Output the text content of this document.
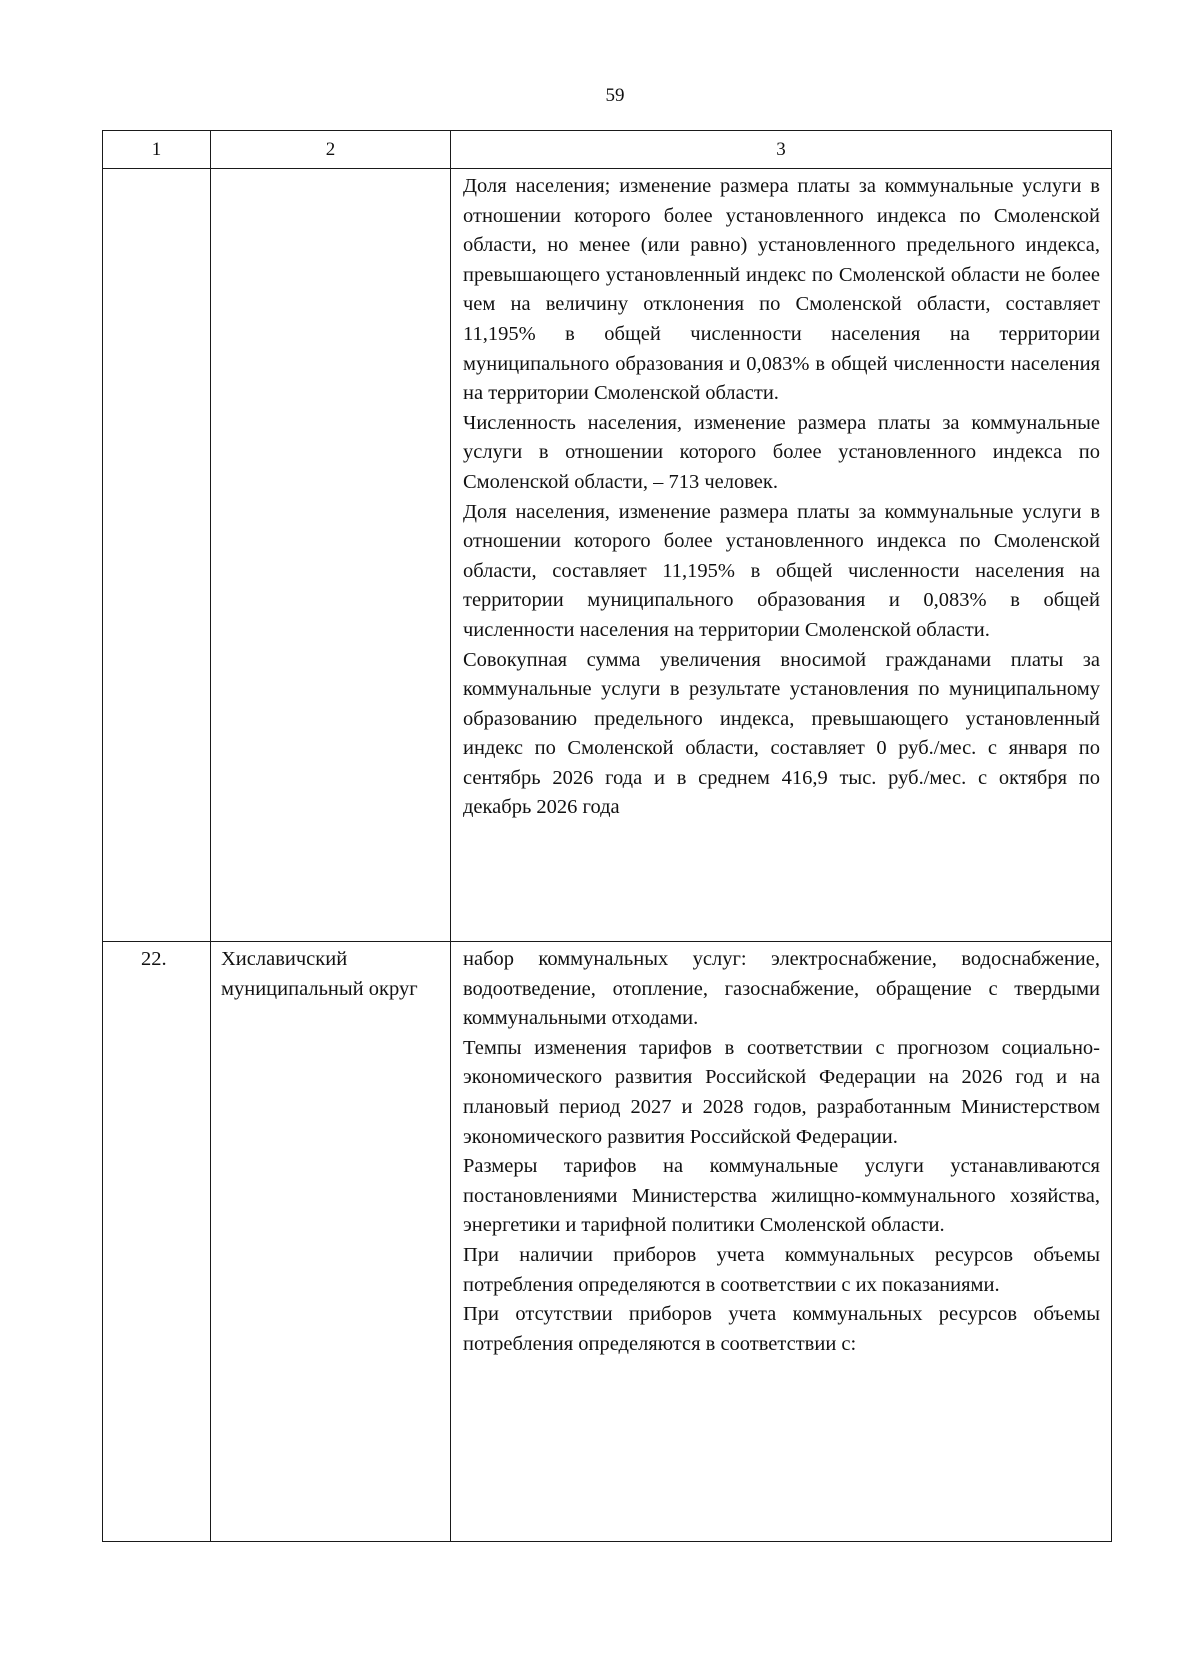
59
1	2	3

		Доля населения; изменение размера платы за коммунальные услуги в отношении которого более установленного индекса по Смоленской области, но менее (или равно) установленного предельного индекса, превышающего установленный индекс по Смоленской области не более чем на величину отклонения по Смоленской области, составляет 11,195% в общей численности населения на территории муниципального образования и 0,083% в общей численности населения на территории Смоленской области.

Численность населения, изменение размера платы за коммунальные услуги в отношении которого более установленного индекса по Смоленской области, – 713 человек.

Доля населения, изменение размера платы за коммунальные услуги в отношении которого более установленного индекса по Смоленской области, составляет 11,195% в общей численности населения на территории муниципального образования и 0,083% в общей численности населения на территории Смоленской области.

Совокупная сумма увеличения вносимой гражданами платы за коммунальные услуги в результате установления по муниципальному образованию предельного индекса, превышающего установленный индекс по Смоленской области, составляет 0 руб./мес. с января по сентябрь 2026 года и в среднем 416,9 тыс. руб./мес. с октября по декабрь 2026 года

22.	Хиславичский муниципальный округ	набор коммунальных услуг: электроснабжение, водоснабжение, водоотведение, отопление, газоснабжение, обращение с твердыми коммунальными отходами.

Темпы изменения тарифов в соответствии с прогнозом социально-экономического развития Российской Федерации на 2026 год и на плановый период 2027 и 2028 годов, разработанным Министерством экономического развития Российской Федерации.

Размеры тарифов на коммунальные услуги устанавливаются постановлениями Министерства жилищно-коммунального хозяйства, энергетики и тарифной политики Смоленской области.

При наличии приборов учета коммунальных ресурсов объемы потребления определяются в соответствии с их показаниями.

При отсутствии приборов учета коммунальных ресурсов объемы потребления определяются в соответствии с:
